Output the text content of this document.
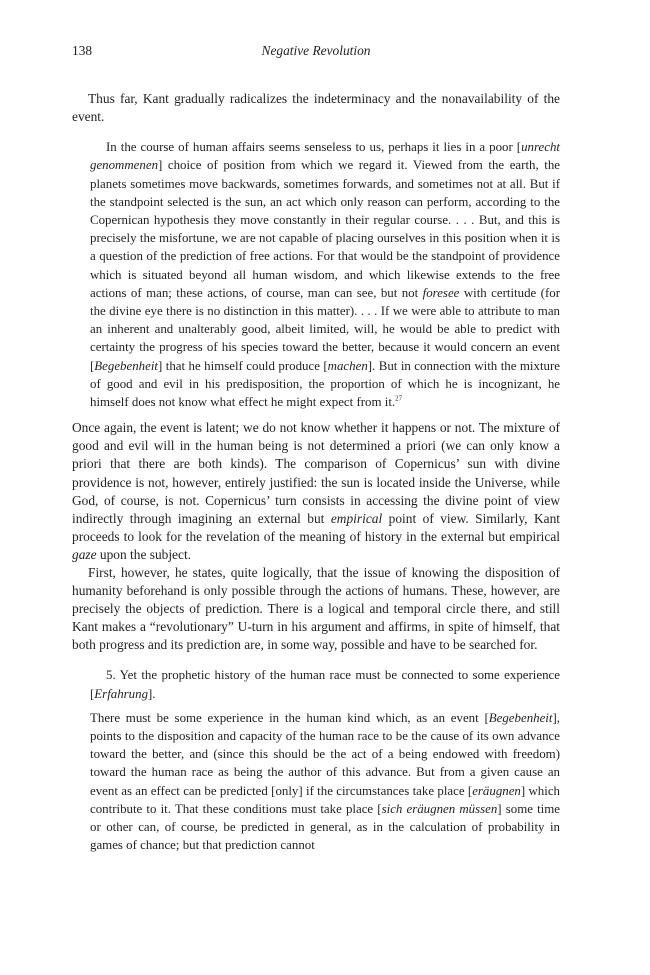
138	Negative Revolution

Thus far, Kant gradually radicalizes the indeterminacy and the nonavailability of the event.

In the course of human affairs seems senseless to us, perhaps it lies in a poor [unrecht genommenen] choice of position from which we regard it. Viewed from the earth, the planets sometimes move backwards, sometimes forwards, and sometimes not at all. But if the standpoint selected is the sun, an act which only reason can perform, according to the Copernican hypothesis they move constantly in their regular course. . . . But, and this is precisely the misfortune, we are not capable of placing ourselves in this position when it is a question of the prediction of free actions. For that would be the standpoint of providence which is situated beyond all human wisdom, and which likewise extends to the free actions of man; these actions, of course, man can see, but not foresee with certitude (for the divine eye there is no distinction in this matter). . . . If we were able to attribute to man an inherent and unalterably good, albeit limited, will, he would be able to predict with certainty the progress of his species toward the better, because it would concern an event [Begebenheit] that he himself could produce [machen]. But in connection with the mixture of good and evil in his predisposition, the proportion of which he is incognizant, he himself does not know what effect he might expect from it.$^{27}$

Once again, the event is latent; we do not know whether it happens or not. The mixture of good and evil will in the human being is not determined a priori (we can only know a priori that there are both kinds). The comparison of Copernicus’ sun with divine providence is not, however, entirely justified: the sun is located inside the Universe, while God, of course, is not. Copernicus’ turn consists in accessing the divine point of view indirectly through imagining an external but empirical point of view. Similarly, Kant proceeds to look for the revelation of the meaning of history in the external but empirical gaze upon the subject.

First, however, he states, quite logically, that the issue of knowing the disposition of humanity beforehand is only possible through the actions of humans. These, however, are precisely the objects of prediction. There is a logical and temporal circle there, and still Kant makes a “revolutionary” U-turn in his argument and affirms, in spite of himself, that both progress and its prediction are, in some way, possible and have to be searched for.

5. Yet the prophetic history of the human race must be connected to some experience [Erfahrung].

There must be some experience in the human kind which, as an event [Begebenheit], points to the disposition and capacity of the human race to be the cause of its own advance toward the better, and (since this should be the act of a being endowed with freedom) toward the human race as being the author of this advance. But from a given cause an event as an effect can be predicted [only] if the circumstances take place [eräugnen] which contribute to it. That these conditions must take place [sich eräugnen müssen] some time or other can, of course, be predicted in general, as in the calculation of probability in games of chance; but that prediction cannot
